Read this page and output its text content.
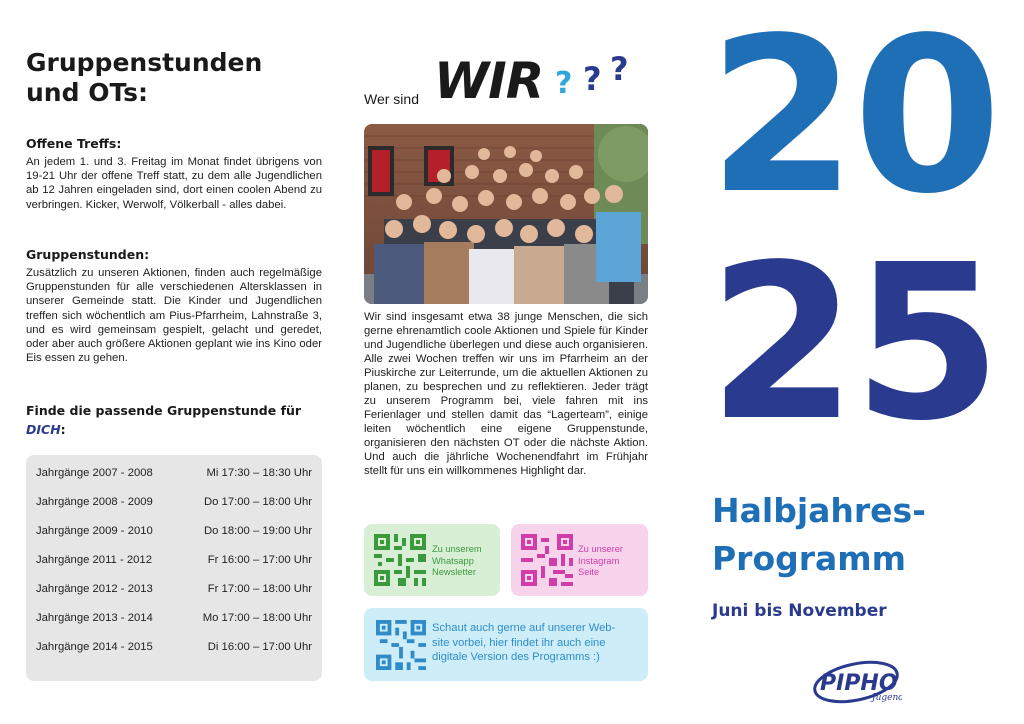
Gruppenstunden
und OTs:
Offene Treffs:

An jedem 1. und 3. Freitag im Monat findet übrigens von 19-21 Uhr der offene Treff statt, zu dem alle Jugendlichen ab 12 Jahren eingeladen sind, dort einen coolen Abend zu verbringen. Kicker, Werwolf, Völkerball - alles dabei.

Gruppenstunden:

Zusätzlich zu unseren Aktionen, finden auch regelmäßige Gruppenstunden für alle verschiedenen Altersklassen in unserer Gemeinde statt. Die Kinder und Jugendlichen treffen sich wöchentlich am Pius-Pfarrheim, Lahnstraße 3, und es wird gemeinsam gespielt, gelacht und geredet, oder aber auch größere Aktionen geplant wie ins Kino oder Eis essen zu gehen.

Finde die passende Gruppenstunde für
DICH:
Jahrgänge 2007 - 2008	Mi 17:30 – 18:30 Uhr
Jahrgänge 2008 - 2009	Do 17:00 – 18:00 Uhr
Jahrgänge 2009 - 2010	Do 18:00 – 19:00 Uhr
Jahrgänge 2011 - 2012	Fr 16:00 – 17:00 Uhr
Jahrgänge 2012 - 2013	Fr 17:00 – 18:00 Uhr
Jahrgänge 2013 - 2014	Mo 17:00 – 18:00 Uhr
Jahrgänge 2014 - 2015	Di 16:00 – 17:00 Uhr
Wer sind WIR ? ? ?

Wir sind insgesamt etwa 38 junge Menschen, die sich gerne ehrenamtlich coole Aktionen und Spiele für Kinder und Jugendliche überlegen und diese auch organisieren. Alle zwei Wochen treffen wir uns im Pfarrheim an der Piuskirche zur Leiterrunde, um die aktuellen Aktionen zu planen, zu besprechen und zu reflektieren. Jeder trägt zu unserem Programm bei, viele fahren mit ins Ferienlager und stellen damit das “Lagerteam”, einige leiten wöchentlich eine eigene Gruppenstunde, organisieren den nächsten OT oder die nächste Aktion. Und auch die jährliche Wochenendfahrt im Frühjahr stellt für uns ein willkommenes Highlight dar.

Zu unserem
Whatsapp
Newsletter
Zu unserer
Instagram
Seite
Schaut auch gerne auf unserer Web-
site vorbei, hier findet ihr auch eine
digitale Version des Programms :)
20
25
Halbjahres-
Programm
Juni bis November
PIPHO
Jugend
